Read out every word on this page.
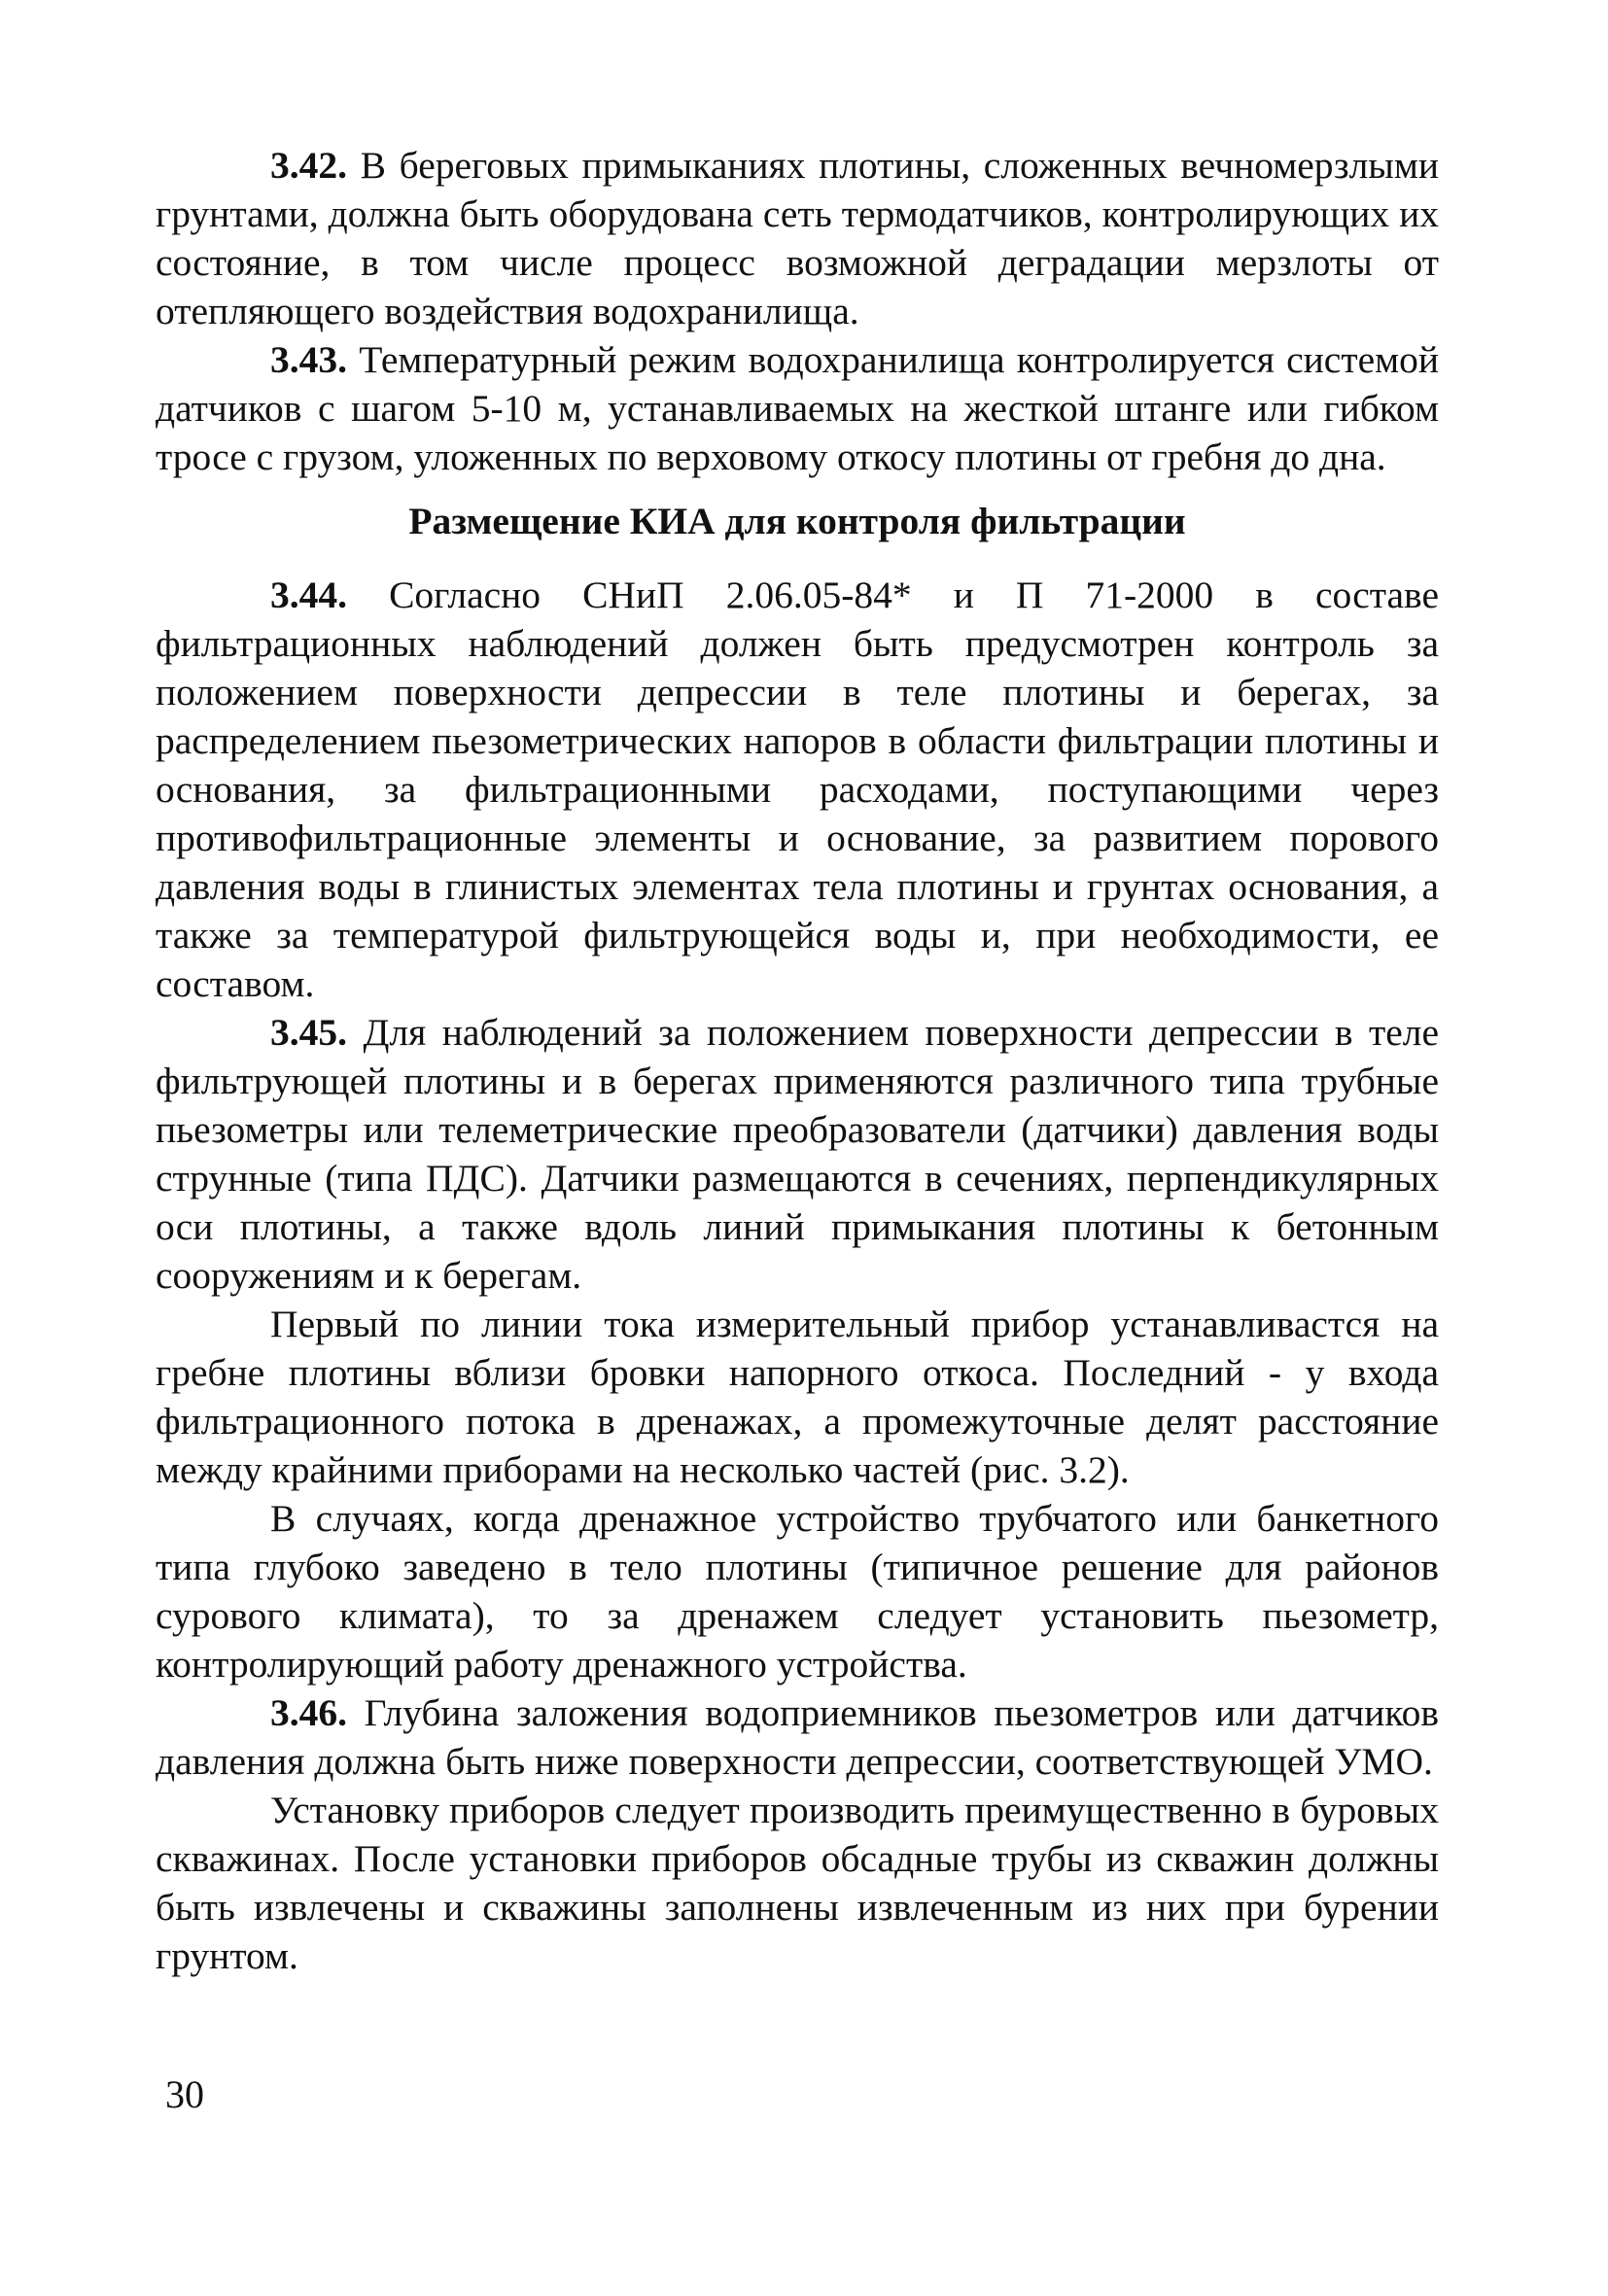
3.42. В береговых примыканиях плотины, сложенных вечномерзлыми грунтами, должна быть оборудована сеть термодатчиков, контролирующих их состояние, в том числе процесс возможной деградации мерзлоты от отепляющего воздействия водохранилища.

3.43. Температурный режим водохранилища контролируется системой датчиков с шагом 5-10 м, устанавливаемых на жесткой штанге или гибком тросе с грузом, уложенных по верховому откосу плотины от гребня до дна.

Размещение КИА для контроля фильтрации

3.44. Согласно СНиП 2.06.05-84* и П 71-2000 в составе фильтрационных наблюдений должен быть предусмотрен контроль за положением поверхности депрессии в теле плотины и берегах, за распределением пьезометрических напоров в области фильтрации плотины и основания, за фильтрационными расходами, поступающими через противофильтрационные элементы и основание, за развитием порового давления воды в глинистых элементах тела плотины и грунтах основания, а также за температурой фильтрующейся воды и, при необходимости, ее составом.

3.45. Для наблюдений за положением поверхности депрессии в теле фильтрующей плотины и в берегах применяются различного типа трубные пьезометры или телеметрические преобразователи (датчики) давления воды струнные (типа ПДС). Датчики размещаются в сечениях, перпендикулярных оси плотины, а также вдоль линий примыкания плотины к бетонным сооружениям и к берегам.

Первый по линии тока измерительный прибор устанавливастся на гребне плотины вблизи бровки напорного откоса. Последний - у входа фильтрационного потока в дренажах, а промежуточные делят расстояние между крайними приборами на несколько частей (рис. 3.2).

В случаях, когда дренажное устройство трубчатого или банкетного типа глубоко заведено в тело плотины (типичное решение для районов сурового климата), то за дренажем следует установить пьезометр, контролирующий работу дренажного устройства.

3.46. Глубина заложения водоприемников пьезометров или датчиков давления должна быть ниже поверхности депрессии, соответствующей УМО.

Установку приборов следует производить преимущественно в буровых скважинах. После установки приборов обсадные трубы из скважин должны быть извлечены и скважины заполнены извлеченным из них при бурении грунтом.

30
